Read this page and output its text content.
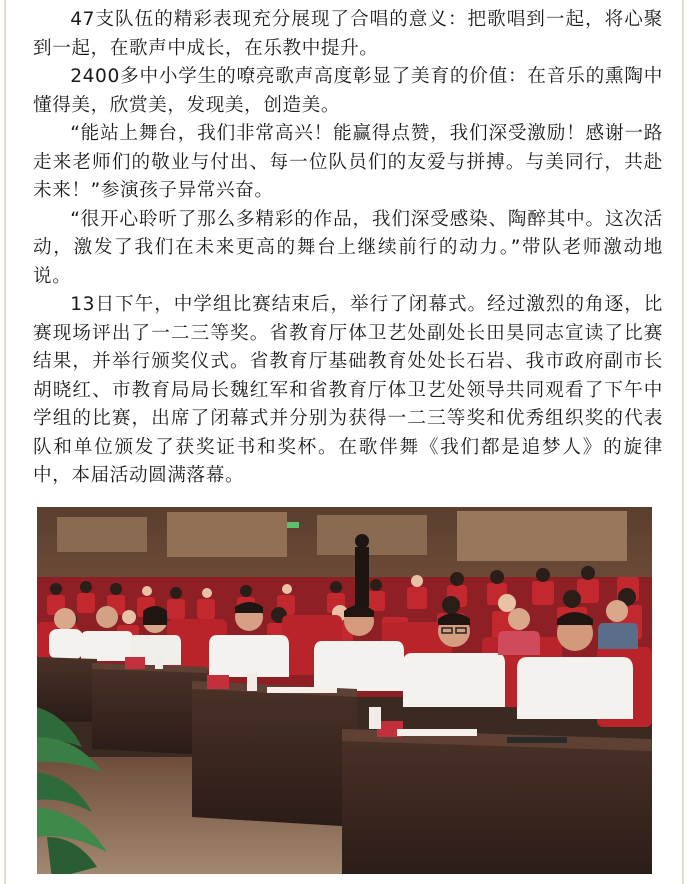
47支队伍的精彩表现充分展现了合唱的意义：把歌唱到一起，将心聚到一起，在歌声中成长，在乐教中提升。

2400多中小学生的嘹亮歌声高度彰显了美育的价值：在音乐的熏陶中懂得美，欣赏美，发现美，创造美。

“能站上舞台，我们非常高兴！能赢得点赞，我们深受激励！感谢一路走来老师们的敬业与付出、每一位队员们的友爱与拼搏。与美同行，共赴未来！”参演孩子异常兴奋。

“很开心聆听了那么多精彩的作品，我们深受感染、陶醉其中。这次活动，激发了我们在未来更高的舞台上继续前行的动力。”带队老师激动地说。

13日下午，中学组比赛结束后，举行了闭幕式。经过激烈的角逐，比赛现场评出了一二三等奖。省教育厅体卫艺处副处长田昊同志宣读了比赛结果，并举行颁奖仪式。省教育厅基础教育处处长石岩、我市政府副市长胡晓红、市教育局局长魏红军和省教育厅体卫艺处领导共同观看了下午中学组的比赛，出席了闭幕式并分别为获得一二三等奖和优秀组织奖的代表队和单位颁发了获奖证书和奖杯。在歌伴舞《我们都是追梦人》的旋律中，本届活动圆满落幕。
